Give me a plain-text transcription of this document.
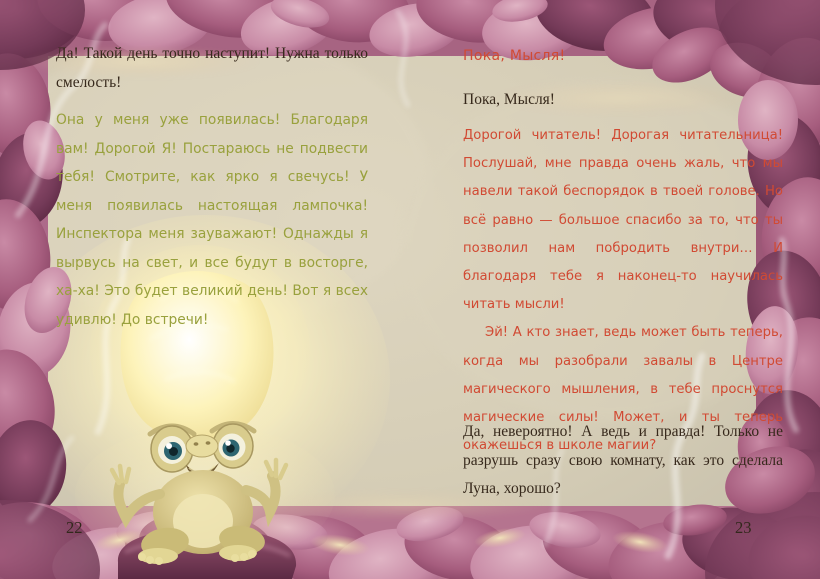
Да! Такой день точно наступит! Нужна только смелость!
Она у меня уже появилась! Благодаря вам! Дорогой Я! Постараюсь не подвести тебя! Смотрите, как ярко я свечусь! У меня появилась настоящая лампочка! Инспектора меня зауважают! Однажды я вырвусь на свет, и все будут в восторге, ха-ха! Это будет великий день! Вот я всех удивлю! До встречи!
22
Пока, Мысля!
Пока, Мысля!

Дорогой читатель! Дорогая читательница! Послушай, мне правда очень жаль, что мы навели такой беспорядок в твоей голове. Но всё равно — большое спасибо за то, что ты позволил нам побродить внутри… И благодаря тебе я наконец-то научилась читать мысли!

Эй! А кто знает, ведь может быть теперь, когда мы разобрали завалы в Центре магического мышления, в тебе проснутся магические силы! Может, и ты теперь окажешься в школе магии?

Да, невероятно! А ведь и правда! Только не разрушь сразу свою комнату, как это сделала Луна, хорошо?
23
